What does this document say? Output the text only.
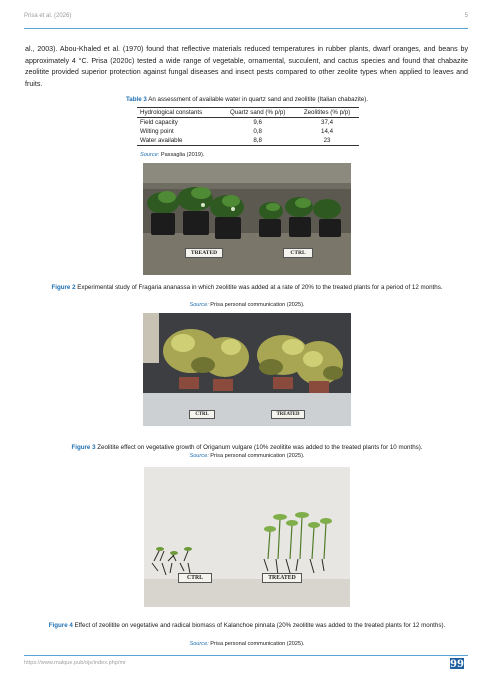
Prisa et al. (2026)	5

al., 2003). Abou-Khaled et al. (1970) found that reflective materials reduced temperatures in rubber plants, dwarf oranges, and beans by approximately 4 °C. Prisa (2020c) tested a wide range of vegetable, ornamental, succulent, and cactus species and found that chabazite zeolitite provided superior protection against fungal diseases and insect pests compared to other zeolite types when applied to leaves and fruits.

Table 3 An assessment of available water in quartz sand and zeolitite (Italian chabazite).
Hydrological constants	Quartz sand (% p/p)	Zeolitites (% p/p)
Field capacity	9,6	37,4
Wilting point	0,8	14,4
Water available	8,8	23
Source: Passaglia (2019).
TREATED	CTRL
Figure 2 Experimental study of Fragaria ananassa in which zeolitite was added at a rate of 20% to the treated plants for a period of 12 months.
Source: Prisa personal communication (2025).
CTRL	TREATED
Figure 3 Zeolitite effect on vegetative growth of Origanum vulgare (10% zeolitite was added to the treated plants for 10 months).
Source: Prisa personal communication (2025).
CTRL	TREATED
Figure 4 Effect of zeolitite on vegetative and radical biomass of Kalanchoe pinnata (20% zeolitite was added to the treated plants for 12 months).
Source: Prisa personal communication (2025).
https://www.malque.pub/ojs/index.php/mr	99
